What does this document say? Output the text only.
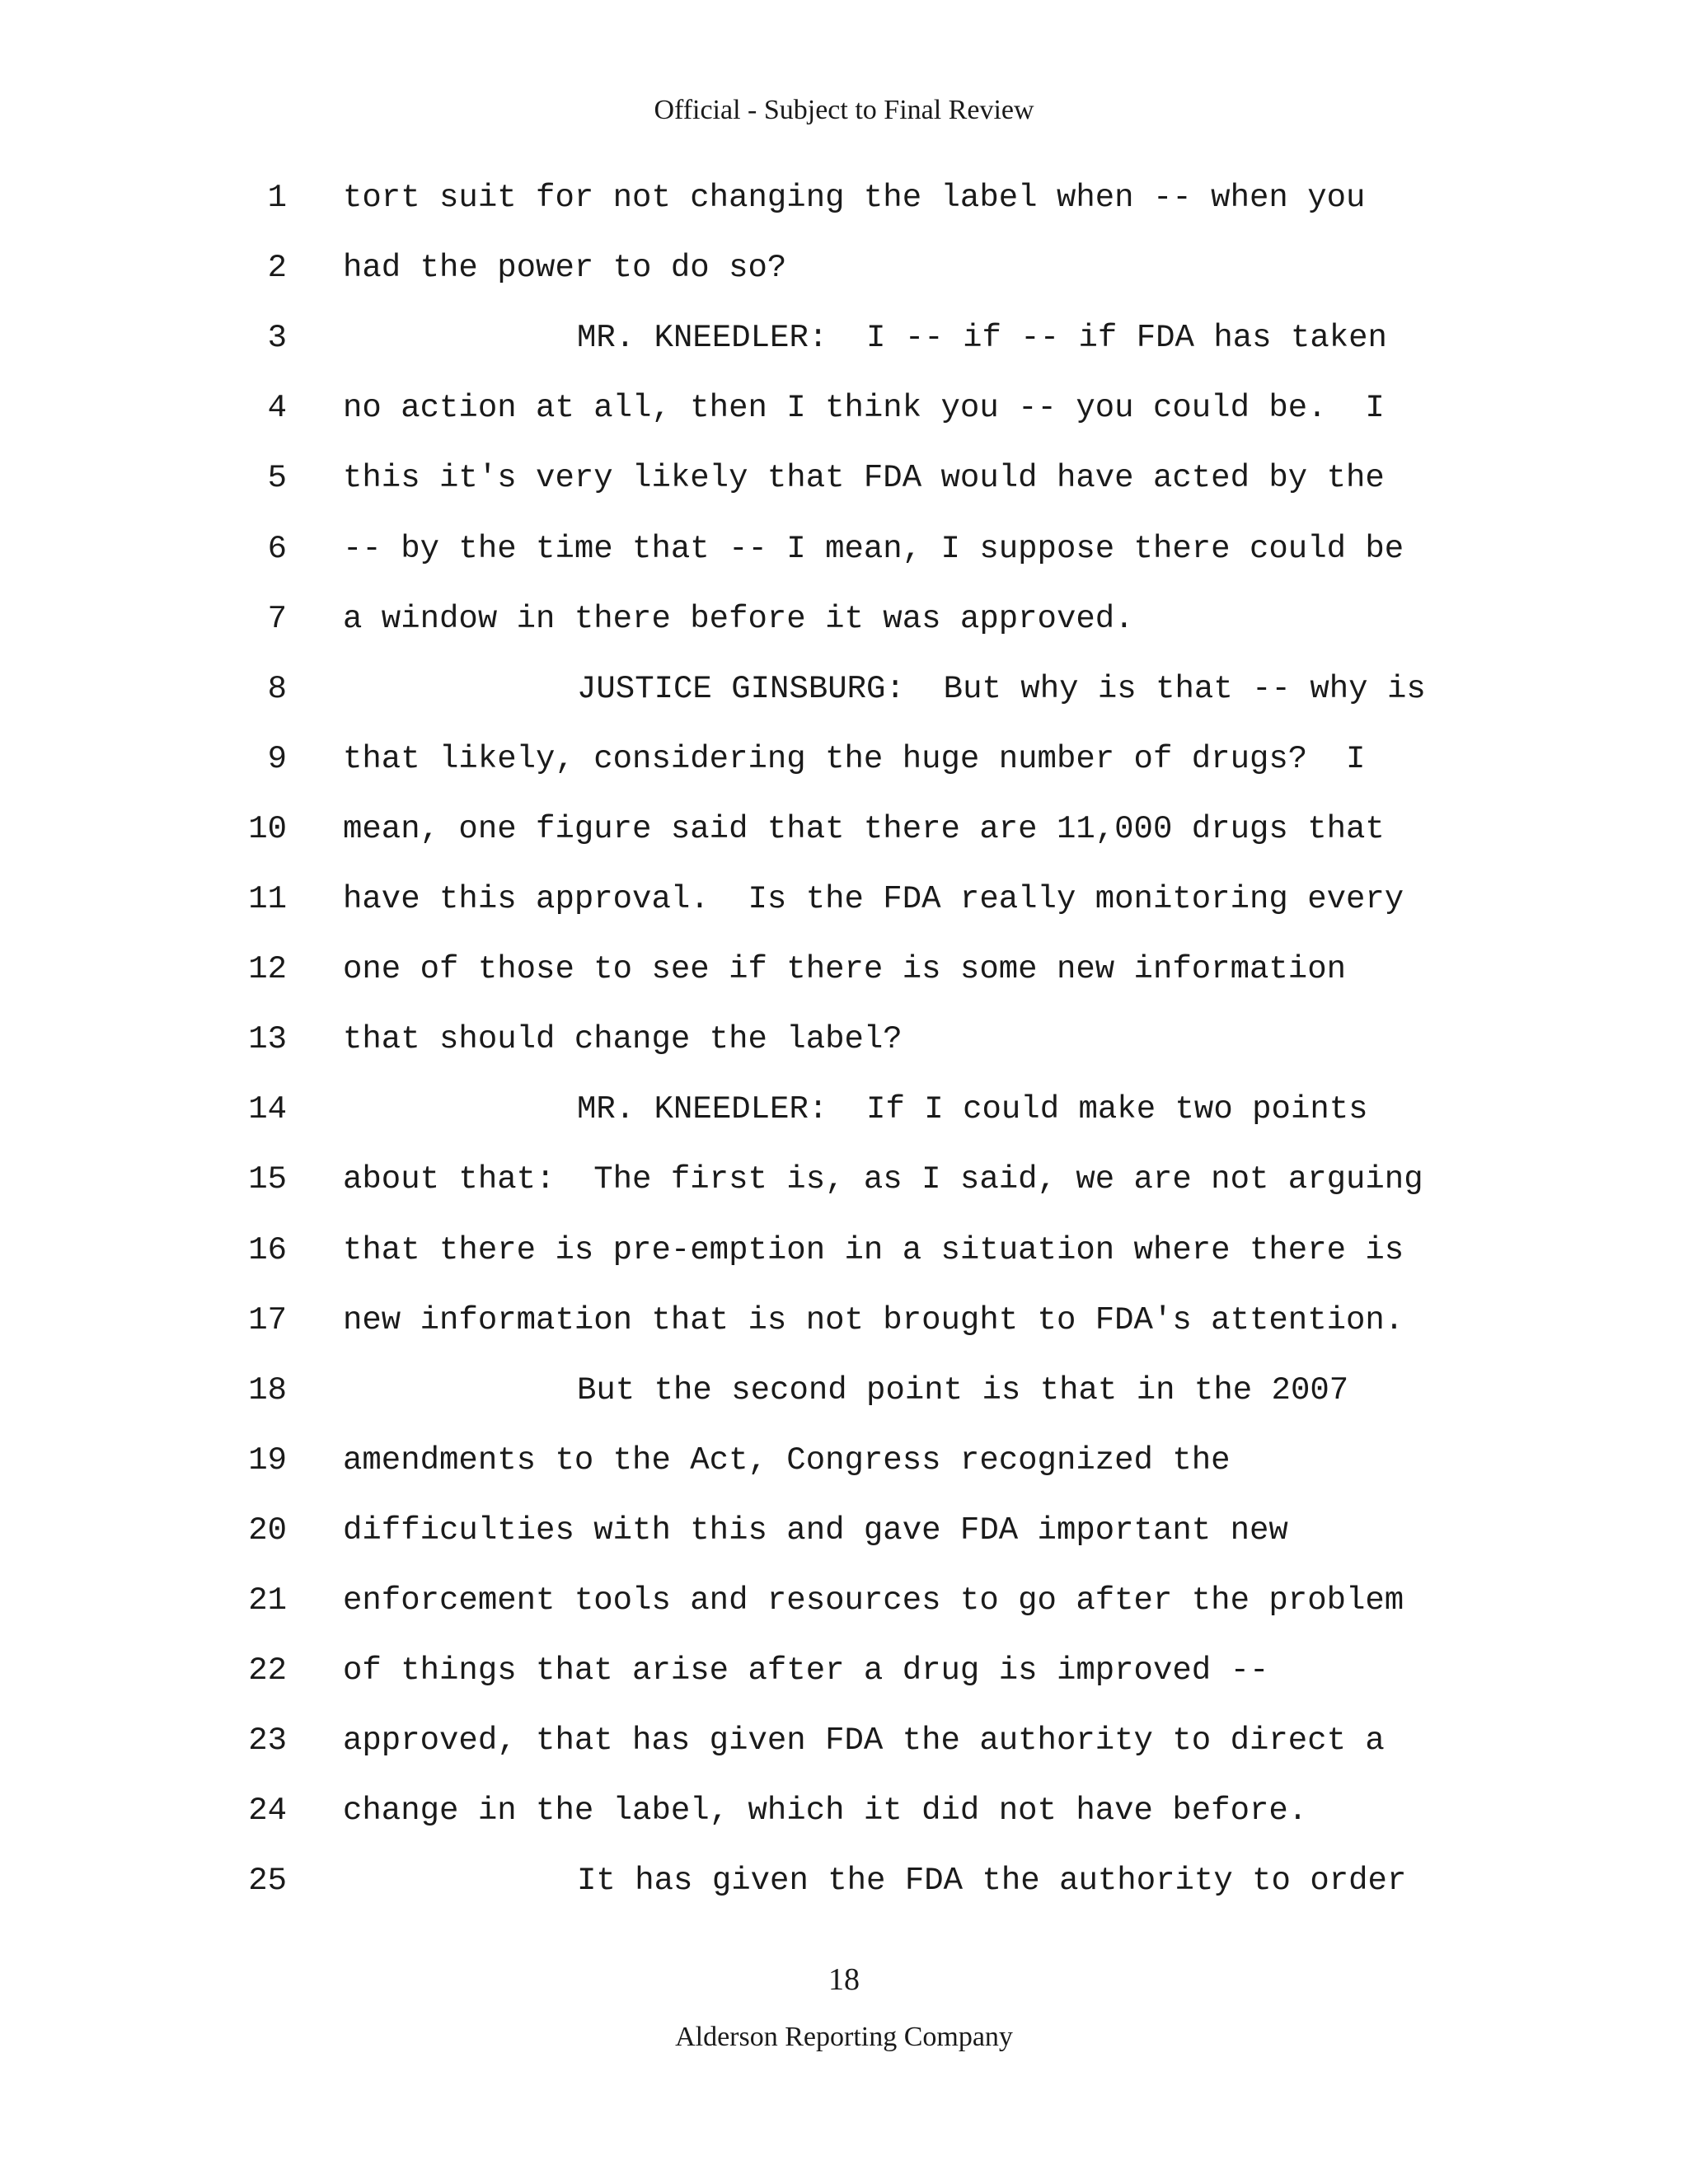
Official - Subject to Final Review
1 tort suit for not changing the label when -- when you
2 had the power to do so?
3	MR. KNEEDLER:  I -- if -- if FDA has taken
4 no action at all, then I think you -- you could be.  I
5 this it's very likely that FDA would have acted by the
6 -- by the time that -- I mean, I suppose there could be
7 a window in there before it was approved.
8	JUSTICE GINSBURG:  But why is that -- why is
9 that likely, considering the huge number of drugs?  I
10 mean, one figure said that there are 11,000 drugs that
11 have this approval.  Is the FDA really monitoring every
12 one of those to see if there is some new information
13 that should change the label?
14	MR. KNEEDLER:  If I could make two points
15 about that:  The first is, as I said, we are not arguing
16 that there is pre-emption in a situation where there is
17 new information that is not brought to FDA's attention.
18	But the second point is that in the 2007
19 amendments to the Act, Congress recognized the
20 difficulties with this and gave FDA important new
21 enforcement tools and resources to go after the problem
22 of things that arise after a drug is improved --
23 approved, that has given FDA the authority to direct a
24 change in the label, which it did not have before.
25	It has given the FDA the authority to order
18
Alderson Reporting Company
